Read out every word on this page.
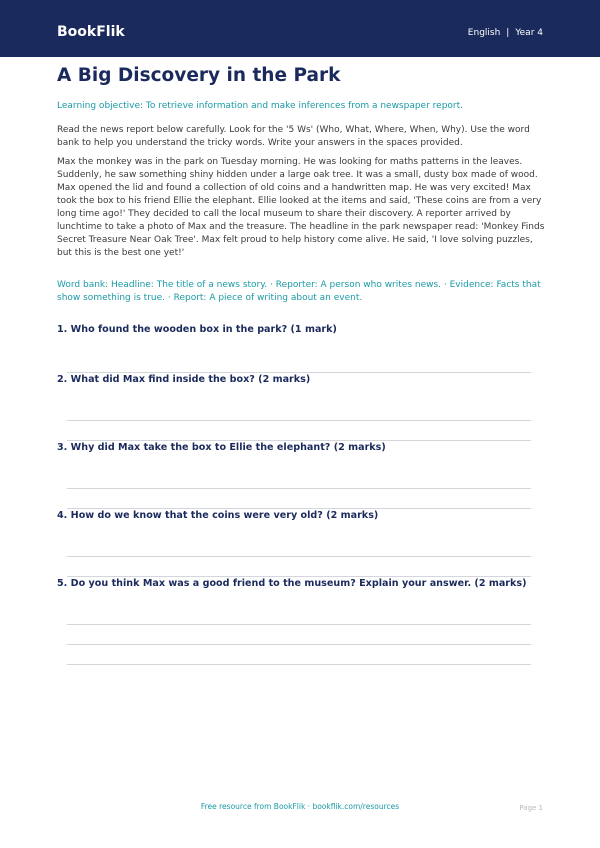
BookFlik	English | Year 4
A Big Discovery in the Park
Learning objective: To retrieve information and make inferences from a newspaper report.

Read the news report below carefully. Look for the '5 Ws' (Who, What, Where, When, Why). Use the word bank to help you understand the tricky words. Write your answers in the spaces provided.

Max the monkey was in the park on Tuesday morning. He was looking for maths patterns in the leaves. Suddenly, he saw something shiny hidden under a large oak tree. It was a small, dusty box made of wood. Max opened the lid and found a collection of old coins and a handwritten map. He was very excited! Max took the box to his friend Ellie the elephant. Ellie looked at the items and said, 'These coins are from a very long time ago!' They decided to call the local museum to share their discovery. A reporter arrived by lunchtime to take a photo of Max and the treasure. The headline in the park newspaper read: 'Monkey Finds Secret Treasure Near Oak Tree'. Max felt proud to help history come alive. He said, 'I love solving puzzles, but this is the best one yet!'

Word bank: Headline: The title of a news story. · Reporter: A person who writes news. · Evidence: Facts that show something is true. · Report: A piece of writing about an event.
1. Who found the wooden box in the park? (1 mark)
2. What did Max find inside the box? (2 marks)
3. Why did Max take the box to Ellie the elephant? (2 marks)
4. How do we know that the coins were very old? (2 marks)
5. Do you think Max was a good friend to the museum? Explain your answer. (2 marks)
Free resource from BookFlik · bookflik.com/resources	Page 1
